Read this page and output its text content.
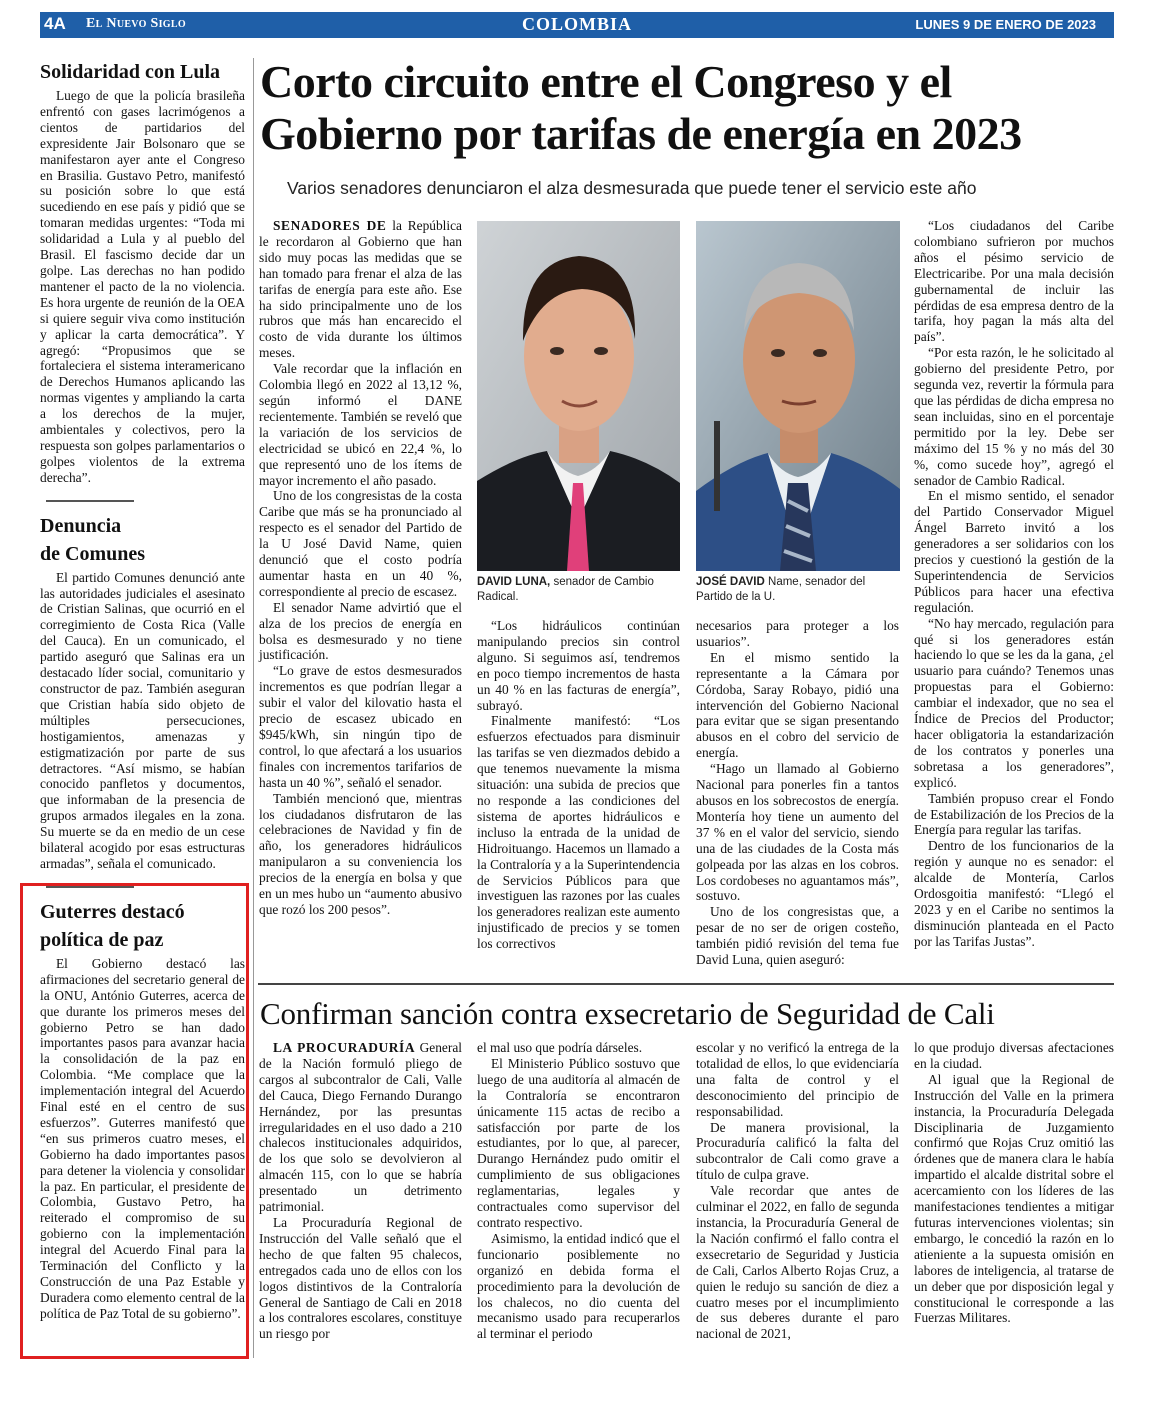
4A El Nuevo Siglo	COLOMBIA	LUNES 9 DE ENERO DE 2023
Solidaridad con Lula

Luego de que la policía brasileña enfrentó con gases lacrimógenos a cientos de partidarios del expresidente Jair Bolsonaro que se manifestaron ayer ante el Congreso en Brasilia. Gustavo Petro, manifestó su posición sobre lo que está sucediendo en ese país y pidió que se tomaran medidas urgentes: “Toda mi solidaridad a Lula y al pueblo del Brasil. El fascismo decide dar un golpe. Las derechas no han podido mantener el pacto de la no violencia. Es hora urgente de reunión de la OEA si quiere seguir viva como institución y aplicar la carta democrática”. Y agregó: “Propusimos que se fortaleciera el sistema interamericano de Derechos Humanos aplicando las normas vigentes y ampliando la carta a los derechos de la mujer, ambientales y colectivos, pero la respuesta son golpes parlamentarios o golpes violentos de la extrema derecha”.

Denuncia
de Comunes

El partido Comunes denunció ante las autoridades judiciales el asesinato de Cristian Salinas, que ocurrió en el corregimiento de Costa Rica (Valle del Cauca). En un comunicado, el partido aseguró que Salinas era un destacado líder social, comunitario y constructor de paz. También aseguran que Cristian había sido objeto de múltiples persecuciones, hostigamientos, amenazas y estigmatización por parte de sus detractores. “Así mismo, se habían conocido panfletos y documentos, que informaban de la presencia de grupos armados ilegales en la zona. Su muerte se da en medio de un cese bilateral acogido por esas estructuras armadas”, señala el comunicado.

Guterres destacó
política de paz

El Gobierno destacó las afirmaciones del secretario general de la ONU, António Guterres, acerca de que durante los primeros meses del gobierno Petro se han dado importantes pasos para avanzar hacia la consolidación de la paz en Colombia. “Me complace que la implementación integral del Acuerdo Final esté en el centro de sus esfuerzos”. Guterres manifestó que “en sus primeros cuatro meses, el Gobierno ha dado importantes pasos para detener la violencia y consolidar la paz. En particular, el presidente de Colombia, Gustavo Petro, ha reiterado el compromiso de su gobierno con la implementación integral del Acuerdo Final para la Terminación del Conflicto y la Construcción de una Paz Estable y Duradera como elemento central de la política de Paz Total de su gobierno”.

Corto circuito entre el Congreso y el
Gobierno por tarifas de energía en 2023
Varios senadores denunciaron el alza desmesurada que puede tener el servicio este año

SENADORES DE la República le recordaron al Gobierno que han sido muy pocas las medidas que se han tomado para frenar el alza de las tarifas de energía para este año. Ese ha sido principalmente uno de los rubros que más han encarecido el costo de vida durante los últimos meses.

Vale recordar que la inflación en Colombia llegó en 2022 al 13,12 %, según informó el DANE recientemente. También se reveló que la variación de los servicios de electricidad se ubicó en 22,4 %, lo que representó uno de los ítems de mayor incremento el año pasado.

Uno de los congresistas de la costa Caribe que más se ha pronunciado al respecto es el senador del Partido de la U José David Name, quien denunció que el costo podría aumentar hasta en un 40 %, correspondiente al precio de escasez.

El senador Name advirtió que el alza de los precios de energía en bolsa es desmesurado y no tiene justificación.

“Lo grave de estos desmesurados incrementos es que podrían llegar a subir el valor del kilovatio hasta el precio de escasez ubicado en $945/kWh, sin ningún tipo de control, lo que afectará a los usuarios finales con incrementos tarifarios de hasta un 40 %”, señaló el senador.

También mencionó que, mientras los ciudadanos disfrutaron de las celebraciones de Navidad y fin de año, los generadores hidráulicos manipularon a su conveniencia los precios de la energía en bolsa y que en un mes hubo un “aumento abusivo que rozó los 200 pesos”.

DAVID LUNA, senador de Cambio Radical.
JOSÉ DAVID Name, senador del Partido de la U.

“Los hidráulicos continúan manipulando precios sin control alguno. Si seguimos así, tendremos en poco tiempo incrementos de hasta un 40 % en las facturas de energía”, subrayó.

Finalmente manifestó: “Los esfuerzos efectuados para disminuir las tarifas se ven diezmados debido a que tenemos nuevamente la misma situación: una subida de precios que no responde a las condiciones del sistema de aportes hidráulicos e incluso la entrada de la unidad de Hidroituango. Hacemos un llamado a la Contraloría y a la Superintendencia de Servicios Públicos para que investiguen las razones por las cuales los generadores realizan este aumento injustificado de precios y se tomen los correctivos

necesarios para proteger a los usuarios”.

En el mismo sentido la representante a la Cámara por Córdoba, Saray Robayo, pidió una intervención del Gobierno Nacional para evitar que se sigan presentando abusos en el cobro del servicio de energía.

“Hago un llamado al Gobierno Nacional para ponerles fin a tantos abusos en los sobrecostos de energía. Montería hoy tiene un aumento del 37 % en el valor del servicio, siendo una de las ciudades de la Costa más golpeada por las alzas en los cobros. Los cordobeses no aguantamos más”, sostuvo.

Uno de los congresistas que, a pesar de no ser de origen costeño, también pidió revisión del tema fue David Luna, quien aseguró:

“Los ciudadanos del Caribe colombiano sufrieron por muchos años el pésimo servicio de Electricaribe. Por una mala decisión gubernamental de incluir las pérdidas de esa empresa dentro de la tarifa, hoy pagan la más alta del país”.

“Por esta razón, le he solicitado al gobierno del presidente Petro, por segunda vez, revertir la fórmula para que las pérdidas de dicha empresa no sean incluidas, sino en el porcentaje permitido por la ley. Debe ser máximo del 15 % y no más del 30 %, como sucede hoy”, agregó el senador de Cambio Radical.

En el mismo sentido, el senador del Partido Conservador Miguel Ángel Barreto invitó a los generadores a ser solidarios con los precios y cuestionó la gestión de la Superintendencia de Servicios Públicos para hacer una efectiva regulación.

“No hay mercado, regulación para qué si los generadores están haciendo lo que se les da la gana, ¿el usuario para cuándo? Tenemos unas propuestas para el Gobierno: cambiar el indexador, que no sea el Índice de Precios del Productor; hacer obligatoria la estandarización de los contratos y ponerles una sobretasa a los generadores”, explicó.

También propuso crear el Fondo de Estabilización de los Precios de la Energía para regular las tarifas.

Dentro de los funcionarios de la región y aunque no es senador: el alcalde de Montería, Carlos Ordosgoitia manifestó: “Llegó el 2023 y en el Caribe no sentimos la disminución planteada en el Pacto por las Tarifas Justas”.

Confirman sanción contra exsecretario de Seguridad de Cali

LA PROCURADURÍA General de la Nación formuló pliego de cargos al subcontralor de Cali, Valle del Cauca, Diego Fernando Durango Hernández, por las presuntas irregularidades en el uso dado a 210 chalecos institucionales adquiridos, de los que solo se devolvieron al almacén 115, con lo que se habría presentado un detrimento patrimonial.

La Procuraduría Regional de Instrucción del Valle señaló que el hecho de que falten 95 chalecos, entregados cada uno de ellos con los logos distintivos de la Contraloría General de Santiago de Cali en 2018 a los contralores escolares, constituye un riesgo por

el mal uso que podría dárseles.

El Ministerio Público sostuvo que luego de una auditoría al almacén de la Contraloría se encontraron únicamente 115 actas de recibo a satisfacción por parte de los estudiantes, por lo que, al parecer, Durango Hernández pudo omitir el cumplimiento de sus obligaciones reglamentarias, legales y contractuales como supervisor del contrato respectivo.

Asimismo, la entidad indicó que el funcionario posiblemente no organizó en debida forma el procedimiento para la devolución de los chalecos, no dio cuenta del mecanismo usado para recuperarlos al terminar el periodo

escolar y no verificó la entrega de la totalidad de ellos, lo que evidenciaría una falta de control y el desconocimiento del principio de responsabilidad.

De manera provisional, la Procuraduría calificó la falta del subcontralor de Cali como grave a título de culpa grave.

Vale recordar que antes de culminar el 2022, en fallo de segunda instancia, la Procuraduría General de la Nación confirmó el fallo contra el exsecretario de Seguridad y Justicia de Cali, Carlos Alberto Rojas Cruz, a quien le redujo su sanción de diez a cuatro meses por el incumplimiento de sus deberes durante el paro nacional de 2021,

lo que produjo diversas afectaciones en la ciudad.

Al igual que la Regional de Instrucción del Valle en la primera instancia, la Procuraduría Delegada Disciplinaria de Juzgamiento confirmó que Rojas Cruz omitió las órdenes que de manera clara le había impartido el alcalde distrital sobre el acercamiento con los líderes de las manifestaciones tendientes a mitigar futuras intervenciones violentas; sin embargo, le concedió la razón en lo atieniente a la supuesta omisión en labores de inteligencia, al tratarse de un deber que por disposición legal y constitucional le corresponde a las Fuerzas Militares.
